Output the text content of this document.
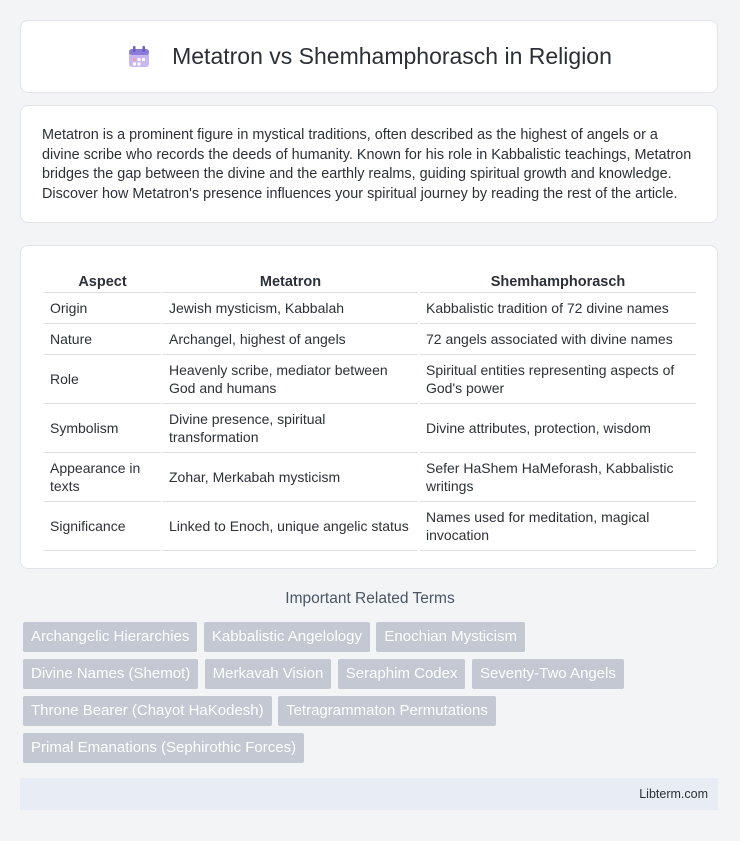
Metatron vs Shemhamphorasch in Religion

Metatron is a prominent figure in mystical traditions, often described as the highest of angels or a divine scribe who records the deeds of humanity. Known for his role in Kabbalistic teachings, Metatron bridges the gap between the divine and the earthly realms, guiding spiritual growth and knowledge. Discover how Metatron's presence influences your spiritual journey by reading the rest of the article.

Aspect	Metatron	Shemhamphorasch
Origin	Jewish mysticism, Kabbalah	Kabbalistic tradition of 72 divine names
Nature	Archangel, highest of angels	72 angels associated with divine names
Role	Heavenly scribe, mediator between God and humans	Spiritual entities representing aspects of God's power
Symbolism	Divine presence, spiritual transformation	Divine attributes, protection, wisdom
Appearance in texts	Zohar, Merkabah mysticism	Sefer HaShem HaMeforash, Kabbalistic writings
Significance	Linked to Enoch, unique angelic status	Names used for meditation, magical invocation
Important Related Terms
Archangelic Hierarchies Kabbalistic Angelology Enochian Mysticism
Divine Names (Shemot) Merkavah Vision Seraphim Codex Seventy-Two Angels
Throne Bearer (Chayot HaKodesh) Tetragrammaton Permutations
Primal Emanations (Sephirothic Forces)
Libterm.com
